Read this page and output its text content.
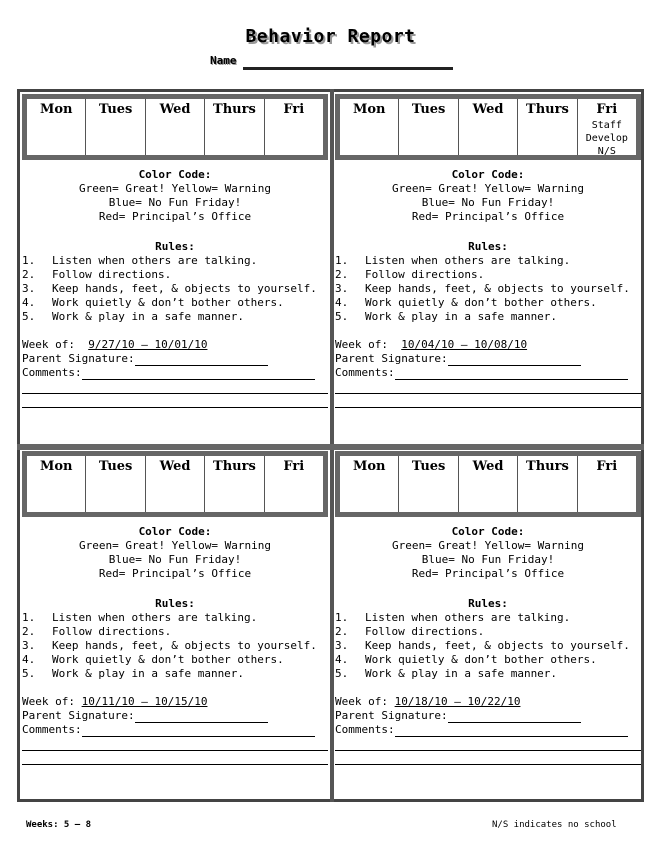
Behavior Report
Name
Mon	Tues	Wed	Thurs	Fri
Color Code:
Green= Great! Yellow= Warning
Blue= No Fun Friday!
Red= Principal’s Office
Rules:
1. Listen when others are talking.
2. Follow directions.
3. Keep hands, feet, & objects to yourself.
4. Work quietly & don’t bother others.
5. Work & play in a safe manner.
Week of: 9/27/10 – 10/01/10
Parent Signature:
Comments:
Mon	Tues	Wed	Thurs	Fri
Staff
Develop
N/S
Color Code:
Green= Great! Yellow= Warning
Blue= No Fun Friday!
Red= Principal’s Office
Rules:
1. Listen when others are talking.
2. Follow directions.
3. Keep hands, feet, & objects to yourself.
4. Work quietly & don’t bother others.
5. Work & play in a safe manner.
Week of: 10/04/10 – 10/08/10
Parent Signature:
Comments:
Mon	Tues	Wed	Thurs	Fri
Color Code:
Green= Great! Yellow= Warning
Blue= No Fun Friday!
Red= Principal’s Office
Rules:
1. Listen when others are talking.
2. Follow directions.
3. Keep hands, feet, & objects to yourself.
4. Work quietly & don’t bother others.
5. Work & play in a safe manner.
Week of: 10/11/10 – 10/15/10
Parent Signature:
Comments:
Mon	Tues	Wed	Thurs	Fri
Color Code:
Green= Great! Yellow= Warning
Blue= No Fun Friday!
Red= Principal’s Office
Rules:
1. Listen when others are talking.
2. Follow directions.
3. Keep hands, feet, & objects to yourself.
4. Work quietly & don’t bother others.
5. Work & play in a safe manner.
Week of: 10/18/10 – 10/22/10
Parent Signature:
Comments:
Weeks: 5 – 8	N/S indicates no school
